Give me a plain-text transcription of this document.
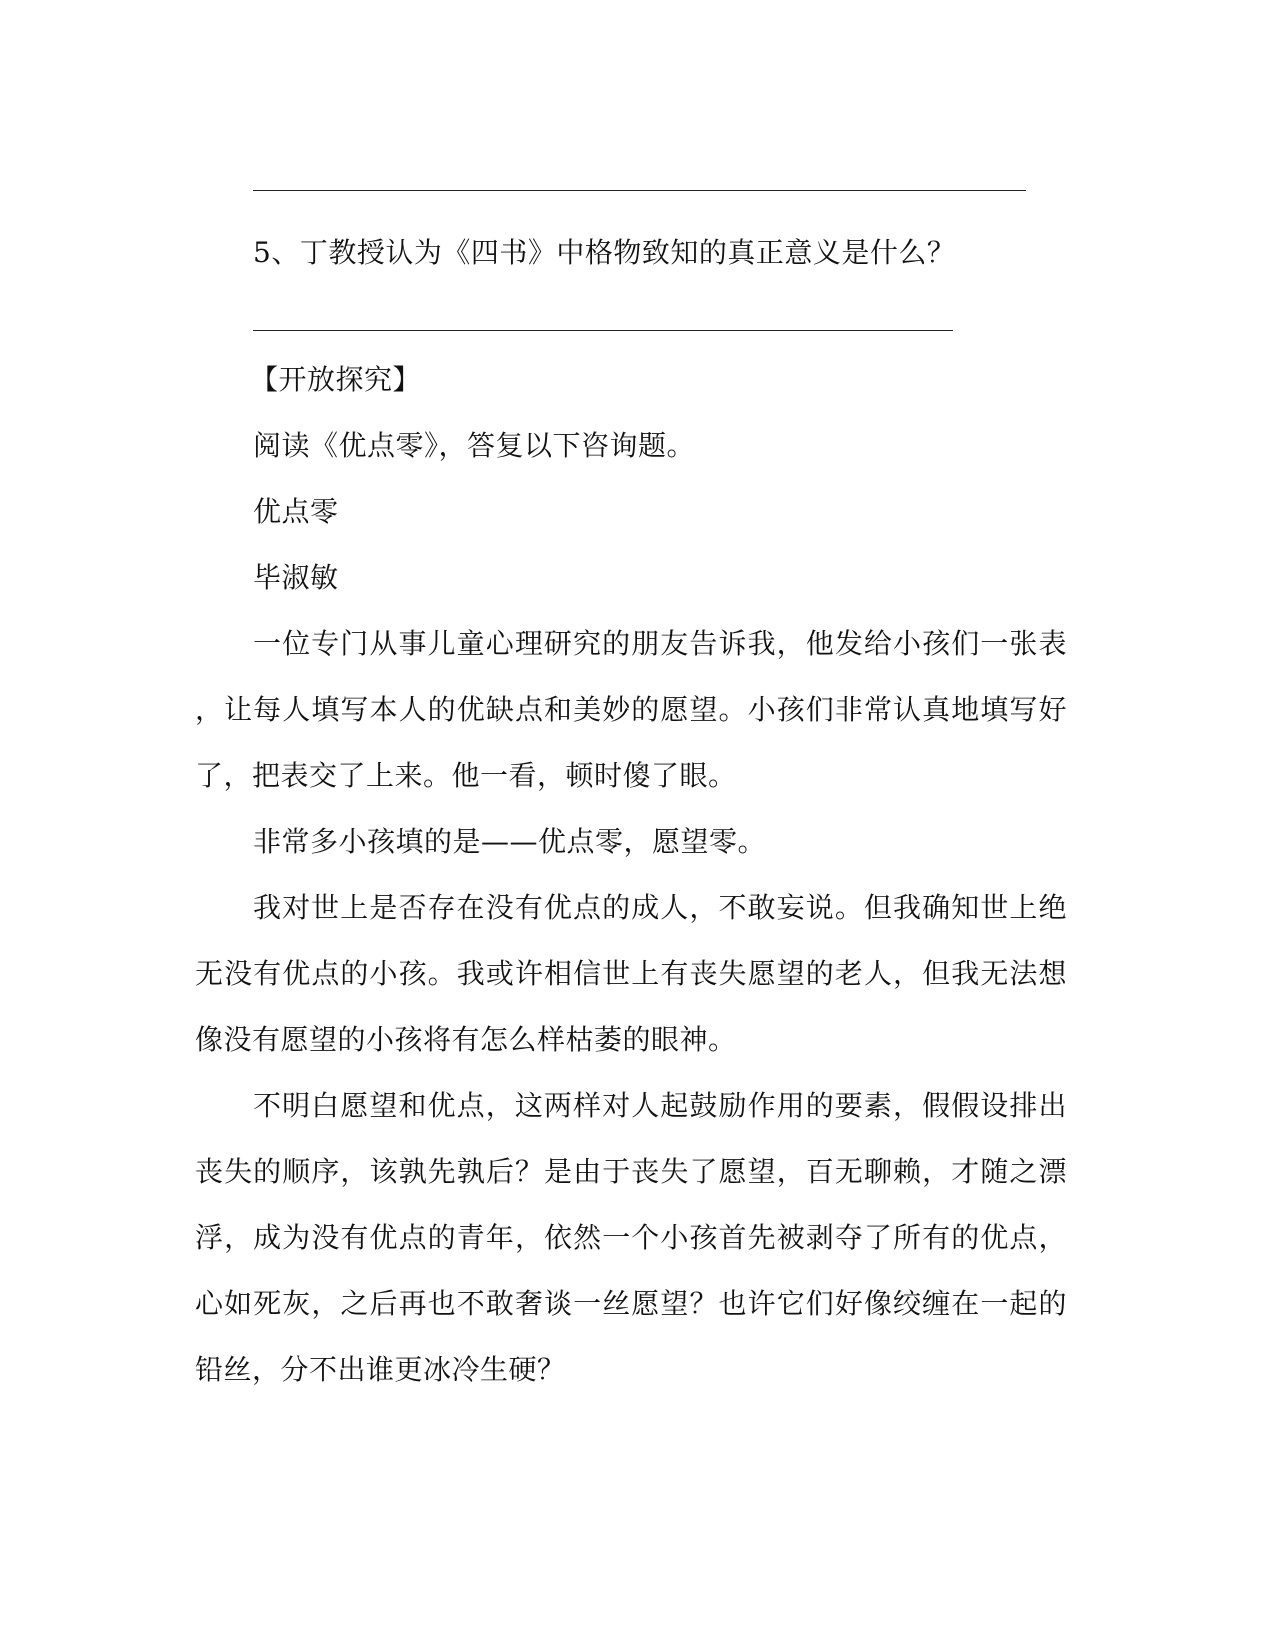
5、丁教授认为《四书》中格物致知的真正意义是什么？
【开放探究】
阅读《优点零》，答复以下咨询题。
优点零
毕淑敏
一位专门从事儿童心理研究的朋友告诉我，他发给小孩们一张表
，让每人填写本人的优缺点和美妙的愿望。小孩们非常认真地填写好
了，把表交了上来。他一看，顿时傻了眼。
非常多小孩填的是——优点零，愿望零。
我对世上是否存在没有优点的成人，不敢妄说。但我确知世上绝
无没有优点的小孩。我或许相信世上有丧失愿望的老人，但我无法想
像没有愿望的小孩将有怎么样枯萎的眼神。
不明白愿望和优点，这两样对人起鼓励作用的要素，假假设排出
丧失的顺序，该孰先孰后？是由于丧失了愿望，百无聊赖，才随之漂
浮，成为没有优点的青年，依然一个小孩首先被剥夺了所有的优点，
心如死灰，之后再也不敢奢谈一丝愿望？也许它们好像绞缠在一起的
铅丝，分不出谁更冰冷生硬？
